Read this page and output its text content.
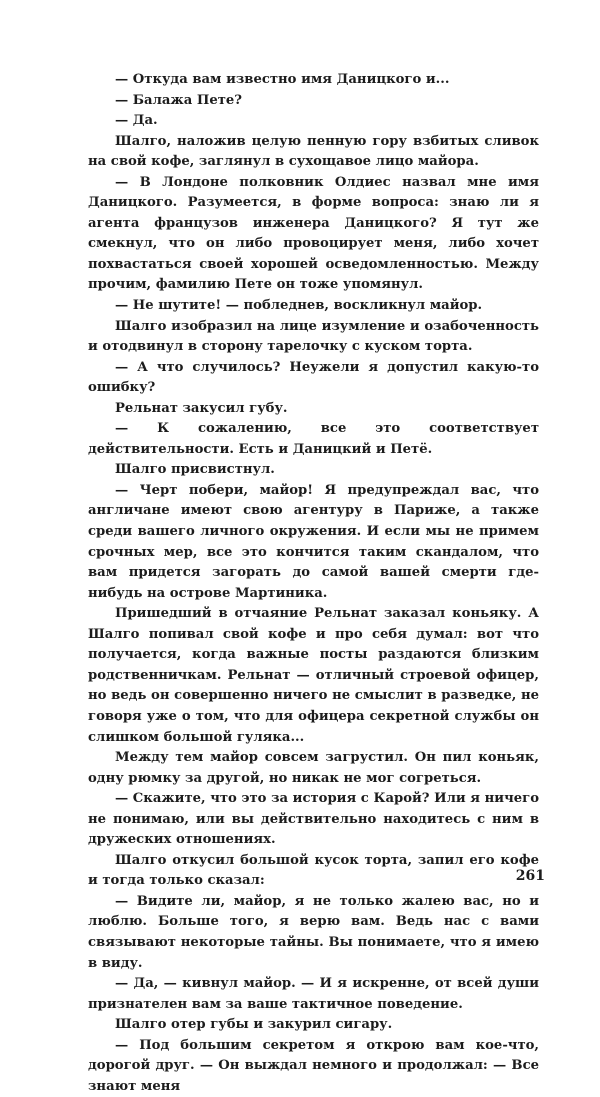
— Откуда вам известно имя Даницкого и...

— Балажа Пете?

— Да.

Шалго, наложив целую пенную гору взбитых сливок на свой кофе, заглянул в сухощавое лицо майора.

— В Лондоне полковник Олдиес назвал мне имя Даницкого. Разумеется, в форме вопроса: знаю ли я агента французов инженера Даницкого? Я тут же смекнул, что он либо провоцирует меня, либо хочет похвастаться своей хорошей осведомленностью. Между прочим, фамилию Пете он тоже упомянул.

— Не шутите! — побледнев, воскликнул майор.

Шалго изобразил на лице изумление и озабоченность и отодвинул в сторону тарелочку с куском торта.

— А что случилось? Неужели я допустил какую-то ошибку?

Рельнат закусил губу.

— К сожалению, все это соответствует действительности. Есть и Даницкий и Петё.

Шалго присвистнул.

— Черт побери, майор! Я предупреждал вас, что англичане имеют свою агентуру в Париже, а также среди вашего личного окружения. И если мы не примем срочных мер, все это кончится таким скандалом, что вам придется загорать до самой вашей смерти где-нибудь на острове Мартиника.

Пришедший в отчаяние Рельнат заказал коньяку. А Шалго попивал свой кофе и про себя думал: вот что получается, когда важные посты раздаются близким родственничкам. Рельнат — отличный строевой офицер, но ведь он совершенно ничего не смыслит в разведке, не говоря уже о том, что для офицера секретной службы он слишком большой гуляка...

Между тем майор совсем загрустил. Он пил коньяк, одну рюмку за другой, но никак не мог согреться.

— Скажите, что это за история с Карой? Или я ничего не понимаю, или вы действительно находитесь с ним в дружеских отношениях.

Шалго откусил большой кусок торта, запил его кофе и тогда только сказал:

— Видите ли, майор, я не только жалею вас, но и люблю. Больше того, я верю вам. Ведь нас с вами связывают некоторые тайны. Вы понимаете, что я имею в виду.

— Да, — кивнул майор. — И я искренне, от всей души признателен вам за ваше тактичное поведение.

Шалго отер губы и закурил сигару.

— Под большим секретом я открою вам кое-что, дорогой друг. — Он выждал немного и продолжал: — Все знают меня

261
